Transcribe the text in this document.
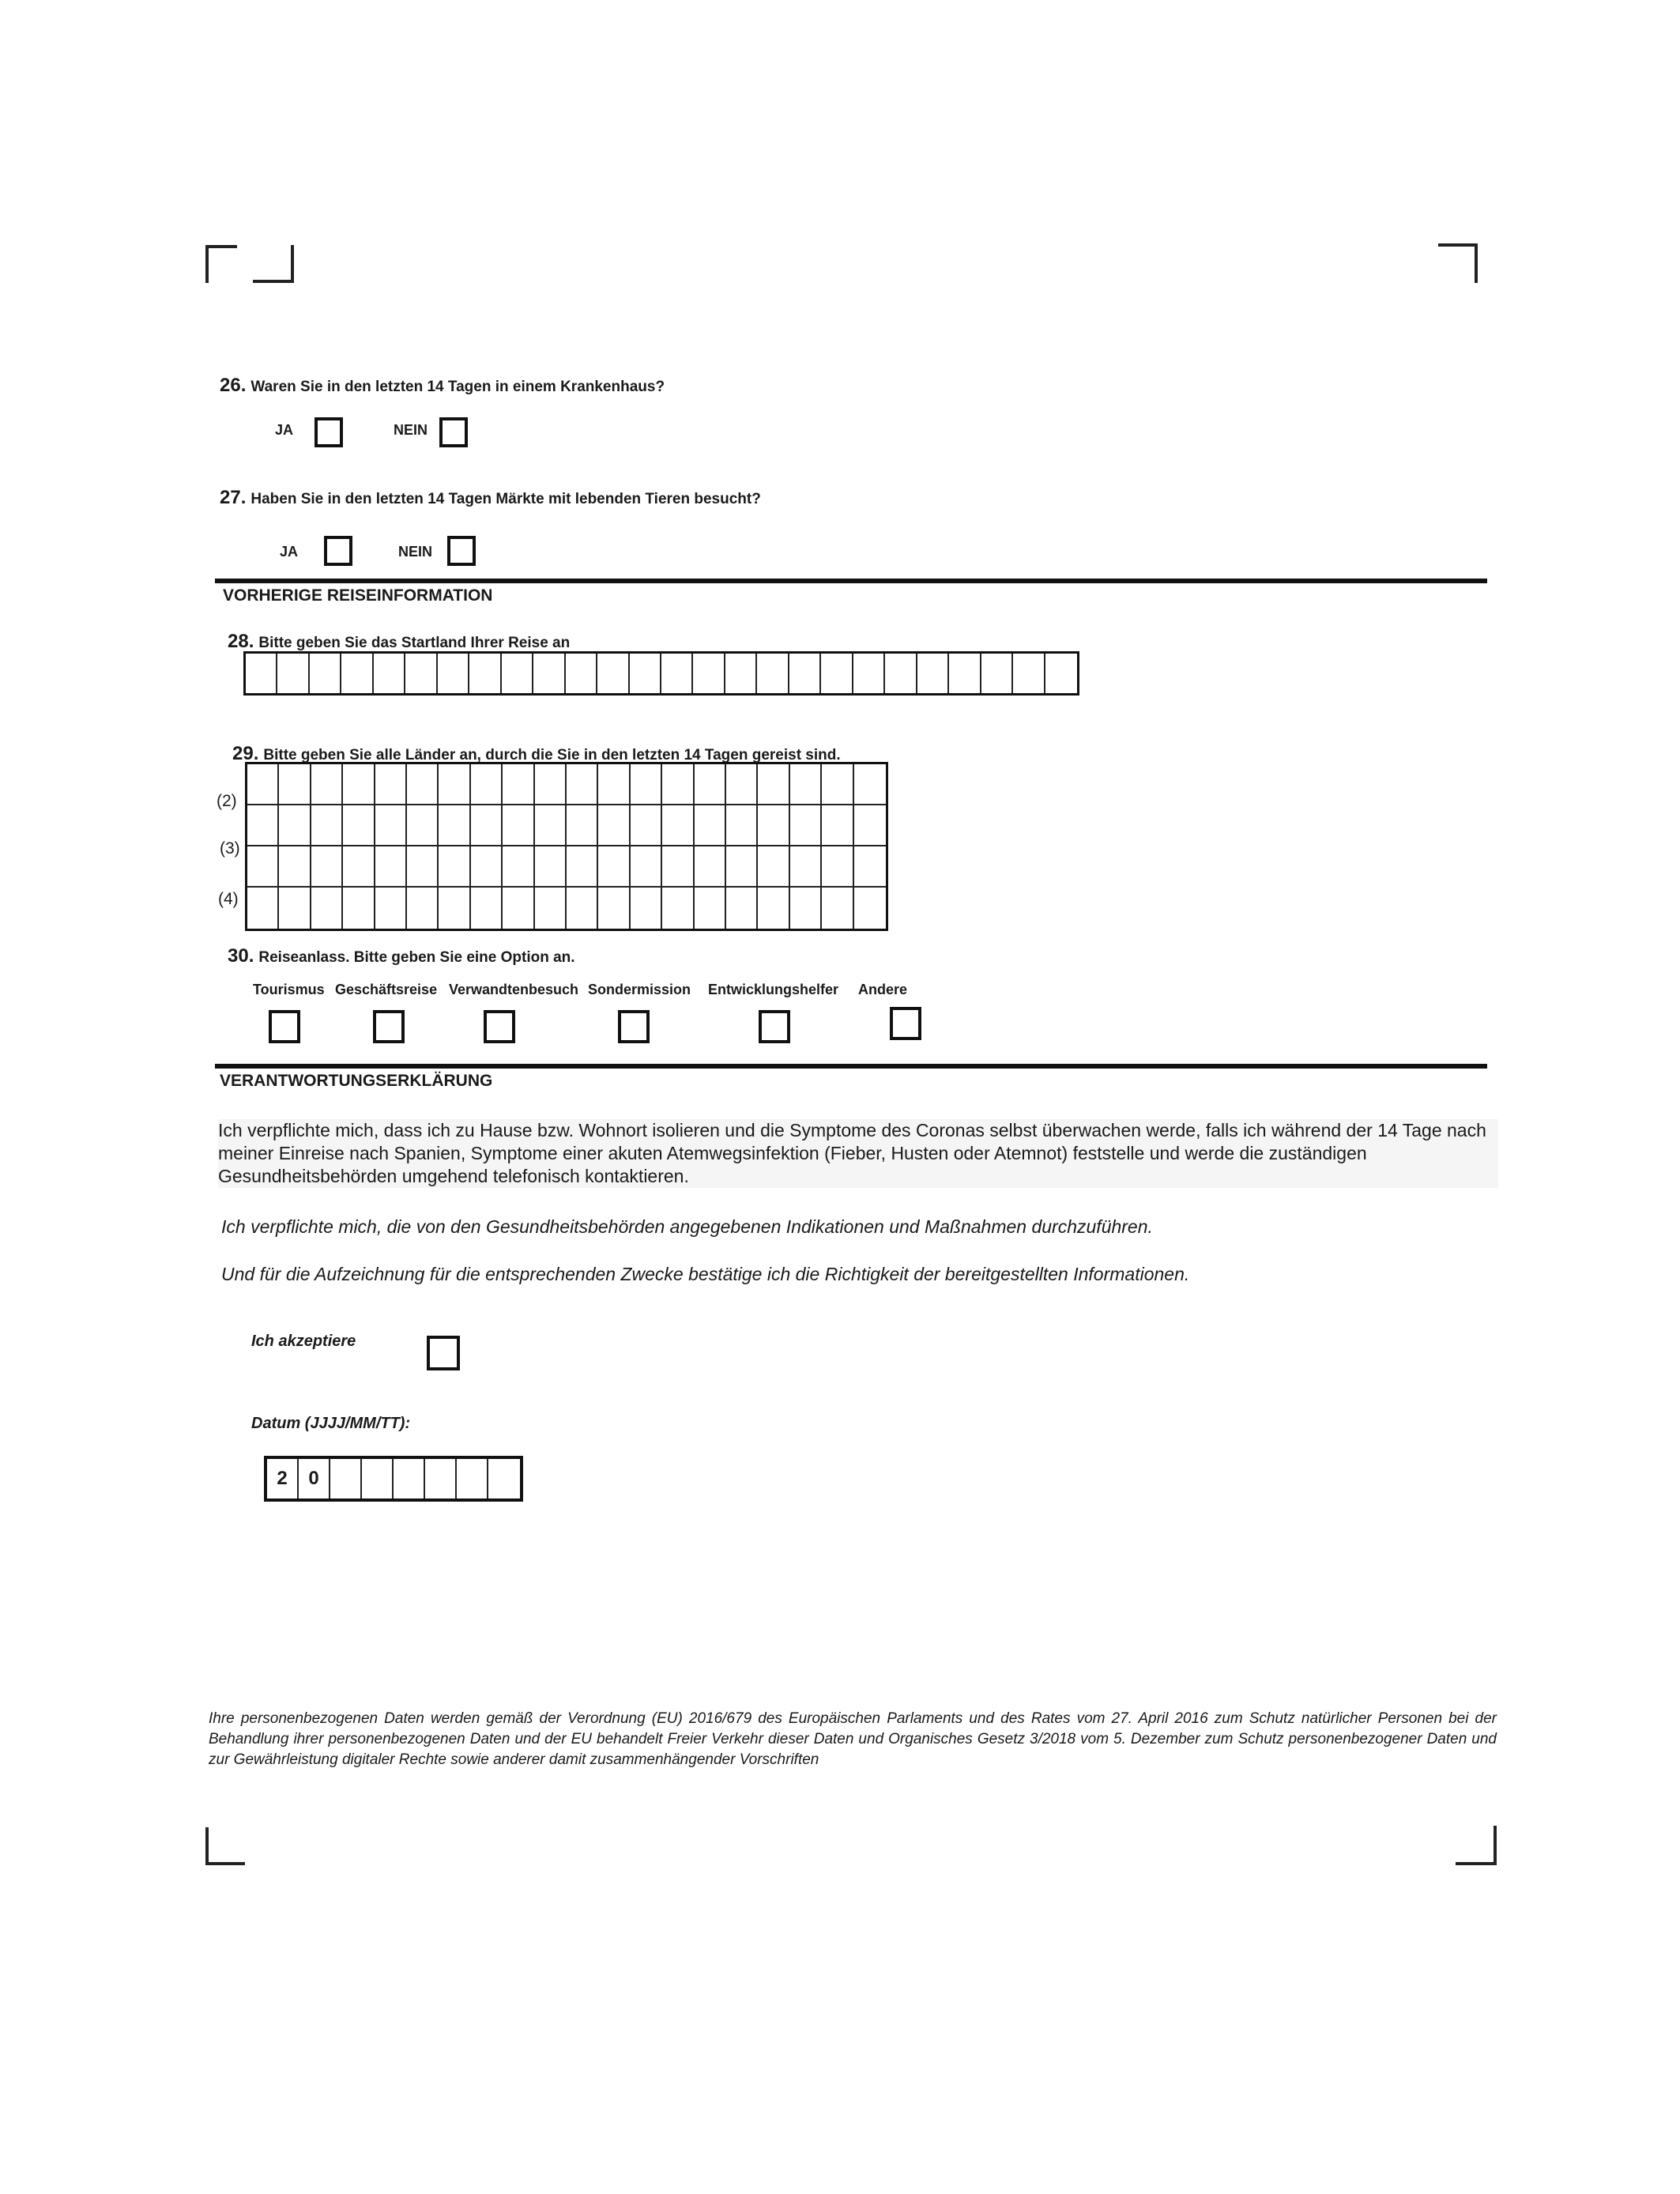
26. Waren Sie in den letzten 14 Tagen in einem Krankenhaus?
JA	NEIN
27. Haben Sie in den letzten 14 Tagen Märkte mit lebenden Tieren besucht?
JA	NEIN
VORHERIGE REISEINFORMATION
28. Bitte geben Sie das Startland Ihrer Reise an
29. Bitte geben Sie alle Länder an, durch die Sie in den letzten 14 Tagen gereist sind.
(2)
(3)
(4)
30. Reiseanlass. Bitte geben Sie eine Option an.
Tourismus Geschäftsreise Verwandtenbesuch Sondermission Entwicklungshelfer Andere
VERANTWORTUNGSERKLÄRUNG
Ich verpflichte mich, dass ich zu Hause bzw. Wohnort isolieren und die Symptome des Coronas selbst überwachen werde, falls ich während der 14 Tage nach meiner Einreise nach Spanien, Symptome einer akuten Atemwegsinfektion (Fieber, Husten oder Atemnot) feststelle und werde die zuständigen Gesundheitsbehörden umgehend telefonisch kontaktieren.
Ich verpflichte mich, die von den Gesundheitsbehörden angegebenen Indikationen und Maßnahmen durchzuführen.
Und für die Aufzeichnung für die entsprechenden Zwecke bestätige ich die Richtigkeit der bereitgestellten Informationen.
Ich akzeptiere
Datum (JJJJ/MM/TT):
2	0
Ihre personenbezogenen Daten werden gemäß der Verordnung (EU) 2016/679 des Europäischen Parlaments und des Rates vom 27. April 2016 zum Schutz natürlicher Personen bei der Behandlung ihrer personenbezogenen Daten und der EU behandelt Freier Verkehr dieser Daten und Organisches Gesetz 3/2018 vom 5. Dezember zum Schutz personenbezogener Daten und zur Gewährleistung digitaler Rechte sowie anderer damit zusammenhängender Vorschriften
